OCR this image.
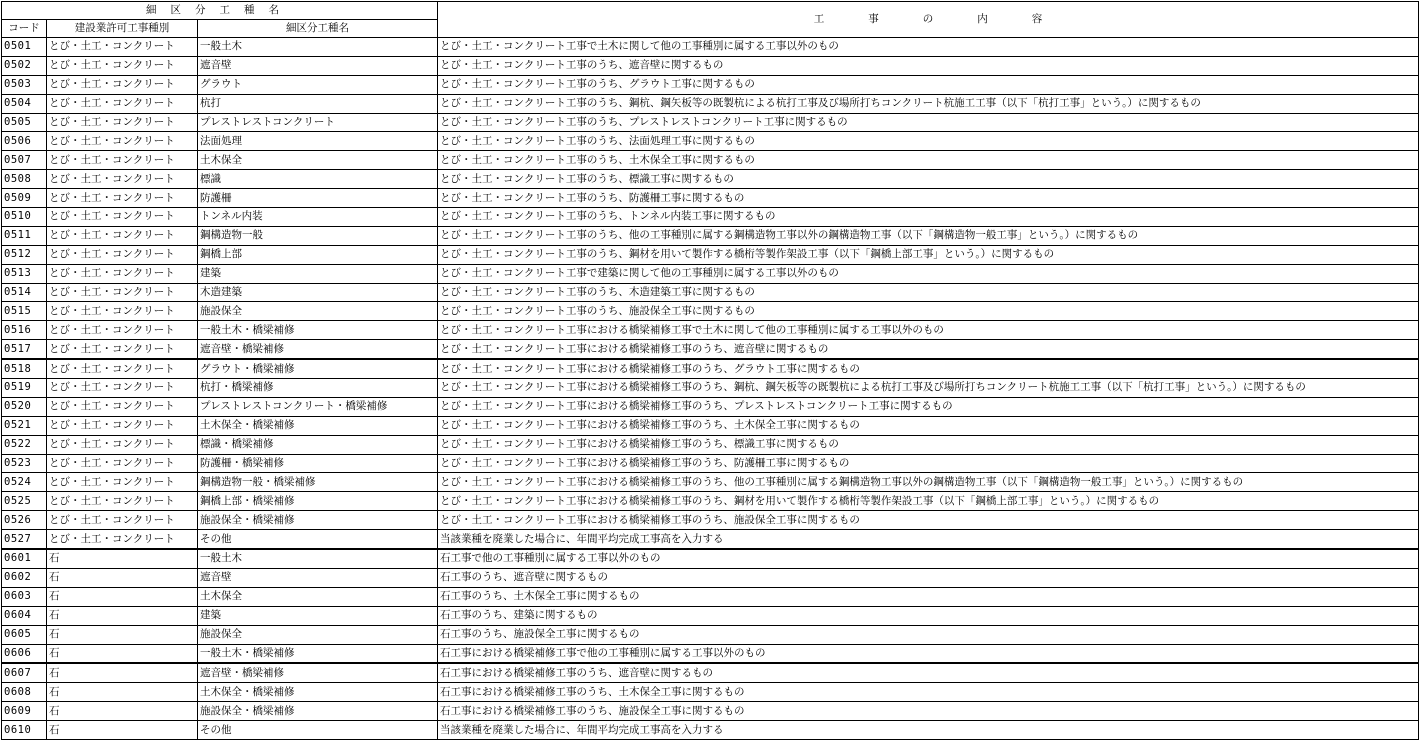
細区分工種名			工 事 の 内 容
コード	建設業許可工事種別	細区分工種名	
0501	とび・土工・コンクリート	一般土木	とび・土工・コンクリート工事で土木に関して他の工事種別に属する工事以外のもの
0502	とび・土工・コンクリート	遮音壁	とび・土工・コンクリート工事のうち、遮音壁に関するもの
0503	とび・土工・コンクリート	グラウト	とび・土工・コンクリート工事のうち、グラウト工事に関するもの
0504	とび・土工・コンクリート	杭打	とび・土工・コンクリート工事のうち、鋼杭、鋼矢板等の既製杭による杭打工事及び場所打ちコンクリート杭施工工事（以下「杭打工事」という。）に関するもの
0505	とび・土工・コンクリート	プレストレストコンクリート	とび・土工・コンクリート工事のうち、プレストレストコンクリート工事に関するもの
0506	とび・土工・コンクリート	法面処理	とび・土工・コンクリート工事のうち、法面処理工事に関するもの
0507	とび・土工・コンクリート	土木保全	とび・土工・コンクリート工事のうち、土木保全工事に関するもの
0508	とび・土工・コンクリート	標識	とび・土工・コンクリート工事のうち、標識工事に関するもの
0509	とび・土工・コンクリート	防護柵	とび・土工・コンクリート工事のうち、防護柵工事に関するもの
0510	とび・土工・コンクリート	トンネル内装	とび・土工・コンクリート工事のうち、トンネル内装工事に関するもの
0511	とび・土工・コンクリート	鋼構造物一般	とび・土工・コンクリート工事のうち、他の工事種別に属する鋼構造物工事以外の鋼構造物工事（以下「鋼構造物一般工事」という。）に関するもの
0512	とび・土工・コンクリート	鋼橋上部	とび・土工・コンクリート工事のうち、鋼材を用いて製作する橋桁等製作架設工事（以下「鋼橋上部工事」という。）に関するもの
0513	とび・土工・コンクリート	建築	とび・土工・コンクリート工事で建築に関して他の工事種別に属する工事以外のもの
0514	とび・土工・コンクリート	木造建築	とび・土工・コンクリート工事のうち、木造建築工事に関するもの
0515	とび・土工・コンクリート	施設保全	とび・土工・コンクリート工事のうち、施設保全工事に関するもの
0516	とび・土工・コンクリート	一般土木・橋梁補修	とび・土工・コンクリート工事における橋梁補修工事で土木に関して他の工事種別に属する工事以外のもの
0517	とび・土工・コンクリート	遮音壁・橋梁補修	とび・土工・コンクリート工事における橋梁補修工事のうち、遮音壁に関するもの
0518	とび・土工・コンクリート	グラウト・橋梁補修	とび・土工・コンクリート工事における橋梁補修工事のうち、グラウト工事に関するもの
0519	とび・土工・コンクリート	杭打・橋梁補修	とび・土工・コンクリート工事における橋梁補修工事のうち、鋼杭、鋼矢板等の既製杭による杭打工事及び場所打ちコンクリート杭施工工事（以下「杭打工事」という。）に関するもの
0520	とび・土工・コンクリート	プレストレストコンクリート・橋梁補修	とび・土工・コンクリート工事における橋梁補修工事のうち、プレストレストコンクリート工事に関するもの
0521	とび・土工・コンクリート	土木保全・橋梁補修	とび・土工・コンクリート工事における橋梁補修工事のうち、土木保全工事に関するもの
0522	とび・土工・コンクリート	標識・橋梁補修	とび・土工・コンクリート工事における橋梁補修工事のうち、標識工事に関するもの
0523	とび・土工・コンクリート	防護柵・橋梁補修	とび・土工・コンクリート工事における橋梁補修工事のうち、防護柵工事に関するもの
0524	とび・土工・コンクリート	鋼構造物一般・橋梁補修	とび・土工・コンクリート工事における橋梁補修工事のうち、他の工事種別に属する鋼構造物工事以外の鋼構造物工事（以下「鋼構造物一般工事」という。）に関するもの
0525	とび・土工・コンクリート	鋼橋上部・橋梁補修	とび・土工・コンクリート工事における橋梁補修工事のうち、鋼材を用いて製作する橋桁等製作架設工事（以下「鋼橋上部工事」という。）に関するもの
0526	とび・土工・コンクリート	施設保全・橋梁補修	とび・土工・コンクリート工事における橋梁補修工事のうち、施設保全工事に関するもの
0527	とび・土工・コンクリート	その他	当該業種を廃業した場合に、年間平均完成工事高を入力する
0601	石	一般土木	石工事で他の工事種別に属する工事以外のもの
0602	石	遮音壁	石工事のうち、遮音壁に関するもの
0603	石	土木保全	石工事のうち、土木保全工事に関するもの
0604	石	建築	石工事のうち、建築に関するもの
0605	石	施設保全	石工事のうち、施設保全工事に関するもの
0606	石	一般土木・橋梁補修	石工事における橋梁補修工事で他の工事種別に属する工事以外のもの
0607	石	遮音壁・橋梁補修	石工事における橋梁補修工事のうち、遮音壁に関するもの
0608	石	土木保全・橋梁補修	石工事における橋梁補修工事のうち、土木保全工事に関するもの
0609	石	施設保全・橋梁補修	石工事における橋梁補修工事のうち、施設保全工事に関するもの
0610	石	その他	当該業種を廃業した場合に、年間平均完成工事高を入力する
